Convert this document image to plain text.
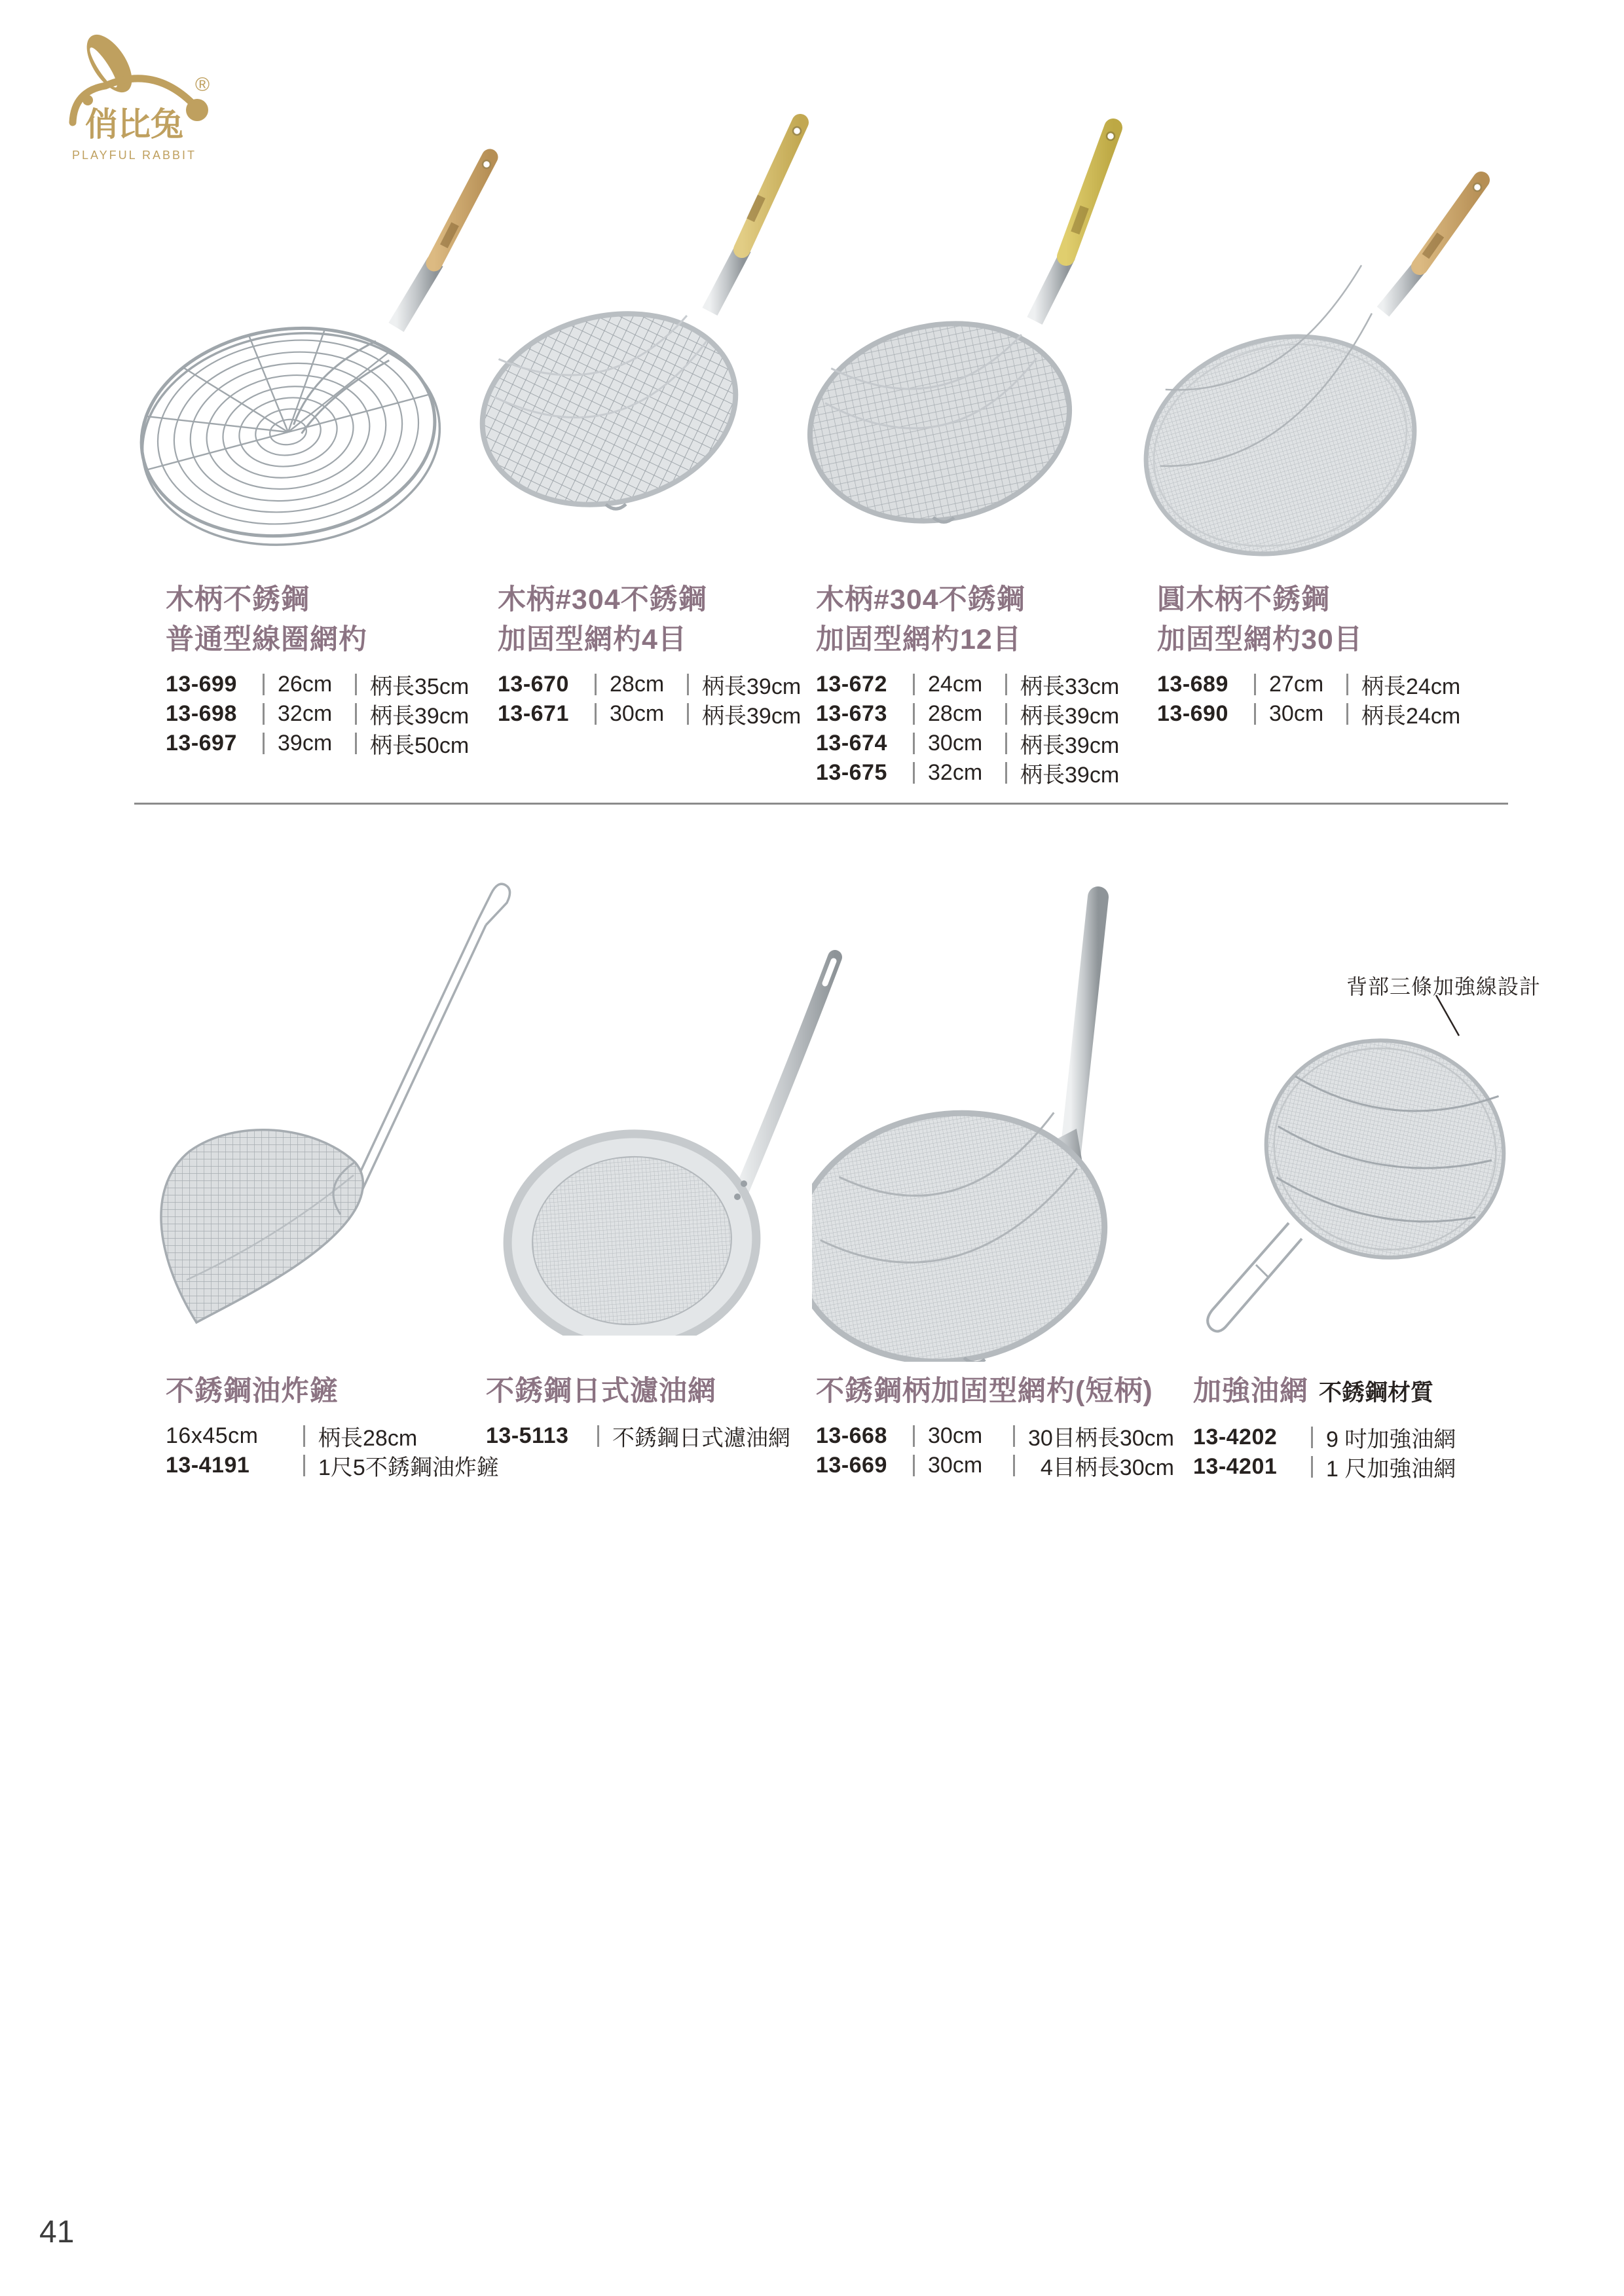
®
俏比兔
PLAYFUL RABBIT
背部三條加強線設計
木柄不銹鋼
普通型線圈網杓
13-699	26cm	柄長35cm
13-698	32cm	柄長39cm
13-697	39cm	柄長50cm
木柄#304不銹鋼
加固型網杓4目
13-670	28cm	柄長39cm
13-671	30cm	柄長39cm
木柄#304不銹鋼
加固型網杓12目
13-672	24cm	柄長33cm
13-673	28cm	柄長39cm
13-674	30cm	柄長39cm
13-675	32cm	柄長39cm
圓木柄不銹鋼
加固型網杓30目
13-689	27cm	柄長24cm
13-690	30cm	柄長24cm
不銹鋼油炸鏟
16x45cm	柄長28cm
13-4191	1尺5不銹鋼油炸鏟
不銹鋼日式濾油網
13-5113	不銹鋼日式濾油網
不銹鋼柄加固型網杓(短柄)
13-668	30cm	30目柄長30cm
13-669	30cm	4目柄長30cm
加強油網 不銹鋼材質
13-4202	9 吋加強油網
13-4201	1 尺加強油網
41
